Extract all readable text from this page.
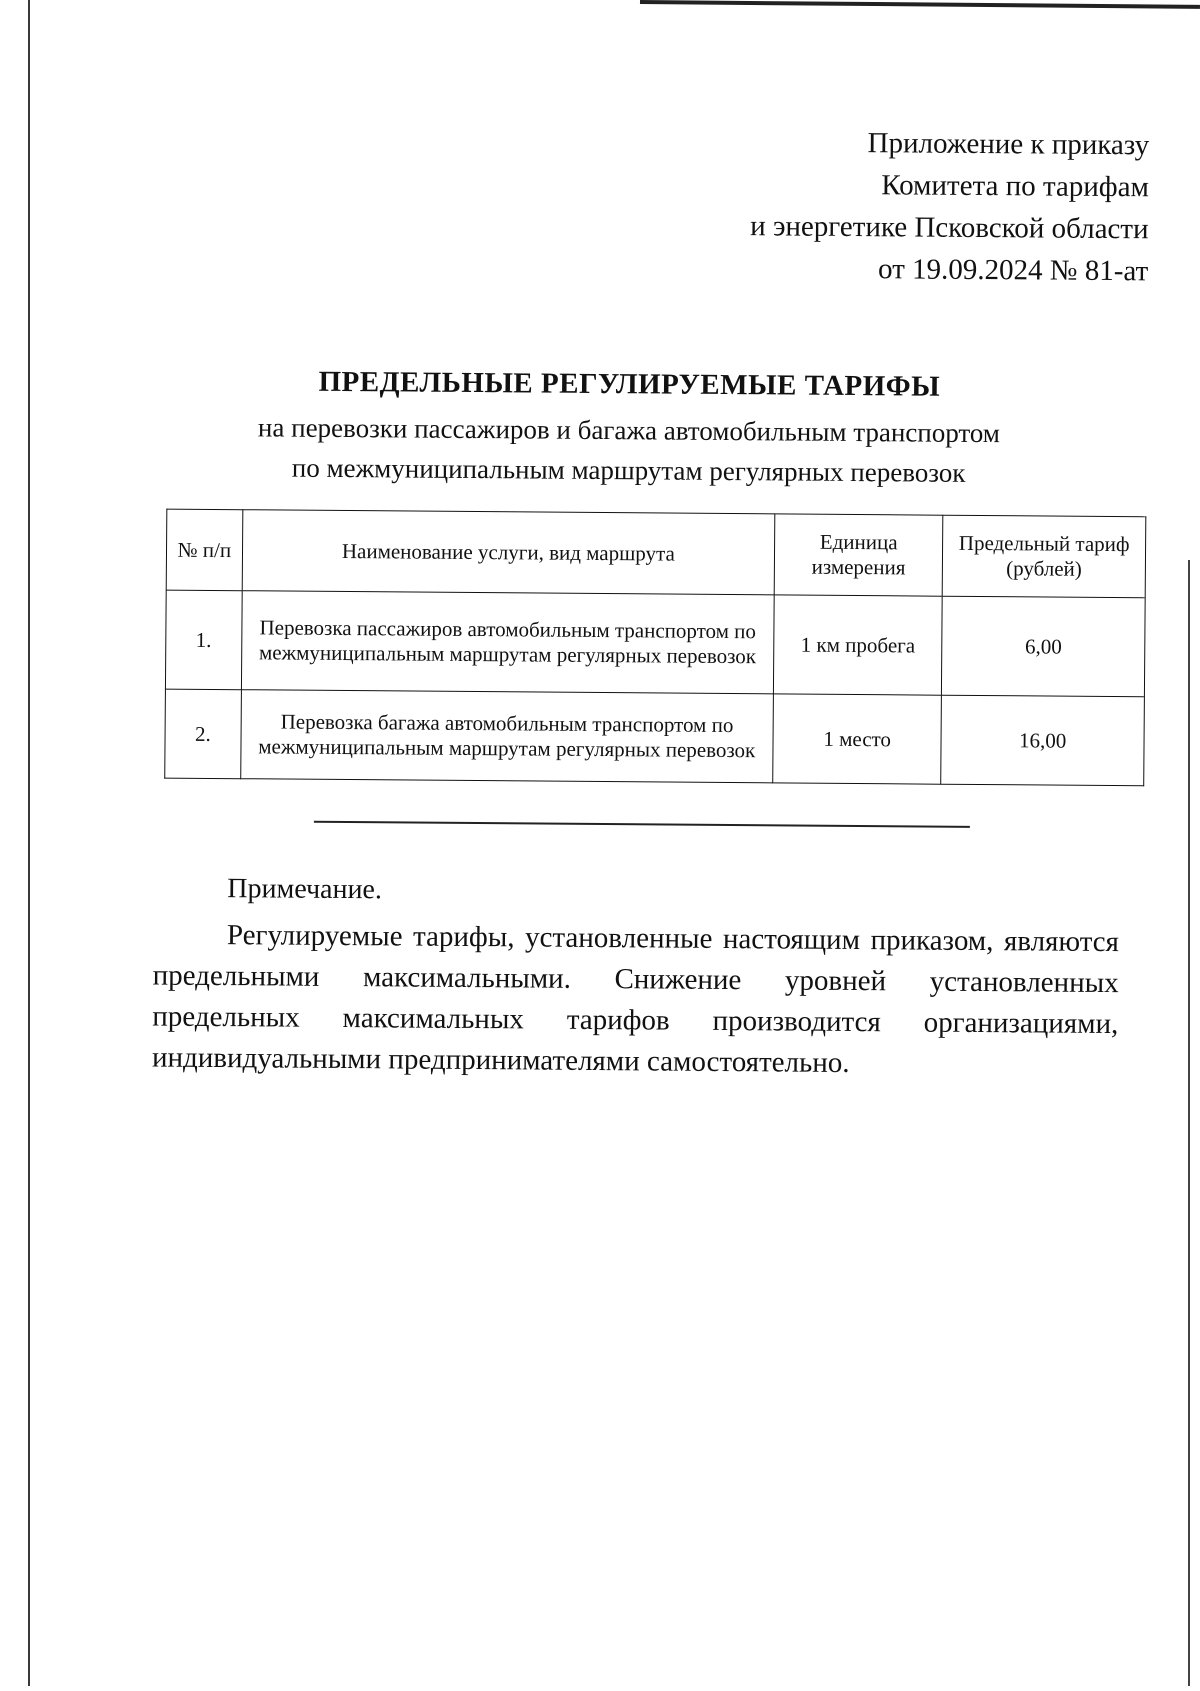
Приложение к приказу
Комитета по тарифам
и энергетике Псковской области
от 19.09.2024 № 81-ат
ПРЕДЕЛЬНЫЕ РЕГУЛИРУЕМЫЕ ТАРИФЫ
на перевозки пассажиров и багажа автомобильным транспортом
по межмуниципальным маршрутам регулярных перевозок
№ п/п	Наименование услуги, вид маршрута	Единица измерения	Предельный тариф (рублей)
1.	Перевозка пассажиров автомобильным транспортом по межмуниципальным маршрутам регулярных перевозок	1 км пробега	6,00
2.	Перевозка багажа автомобильным транспортом по межмуниципальным маршрутам регулярных перевозок	1 место	16,00
Примечание.
Регулируемые тарифы, установленные настоящим приказом, являются предельными максимальными. Снижение уровней установленных предельных максимальных тарифов производится организациями, индивидуальными предпринимателями самостоятельно.
